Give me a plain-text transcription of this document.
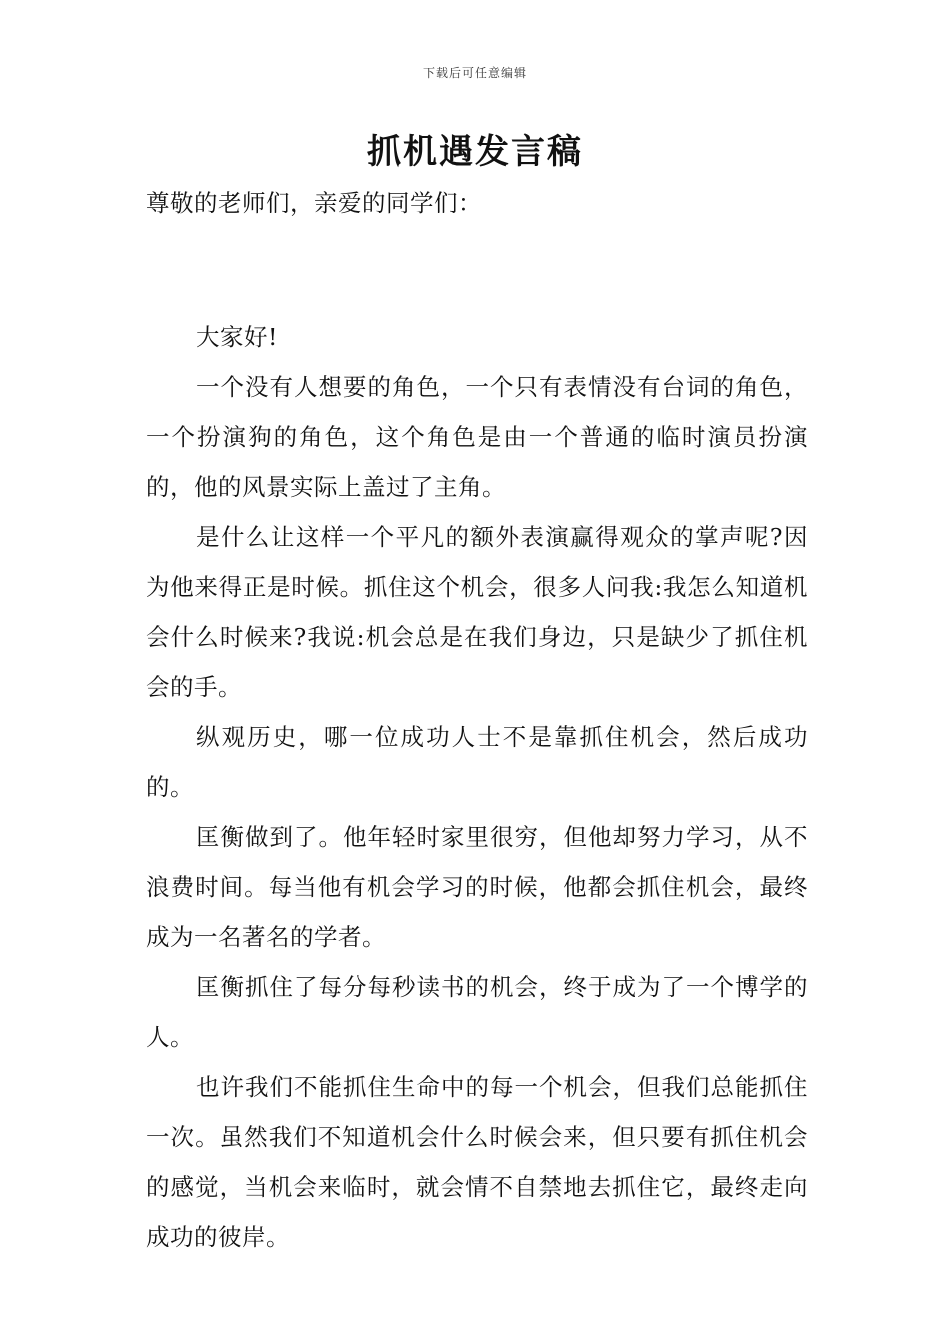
下载后可任意编辑
抓机遇发言稿

尊敬的老师们，亲爱的同学们：

大家好!

一个没有人想要的角色，一个只有表情没有台词的角色，一个扮演狗的角色，这个角色是由一个普通的临时演员扮演的，他的风景实际上盖过了主角。

是什么让这样一个平凡的额外表演赢得观众的掌声呢?因为他来得正是时候。抓住这个机会，很多人问我:我怎么知道机会什么时候来?我说:机会总是在我们身边，只是缺少了抓住机会的手。

纵观历史，哪一位成功人士不是靠抓住机会，然后成功的。

匡衡做到了。他年轻时家里很穷，但他却努力学习，从不浪费时间。每当他有机会学习的时候，他都会抓住机会，最终成为一名著名的学者。

匡衡抓住了每分每秒读书的机会，终于成为了一个博学的人。

也许我们不能抓住生命中的每一个机会，但我们总能抓住一次。虽然我们不知道机会什么时候会来，但只要有抓住机会的感觉，当机会来临时，就会情不自禁地去抓住它，最终走向成功的彼岸。
